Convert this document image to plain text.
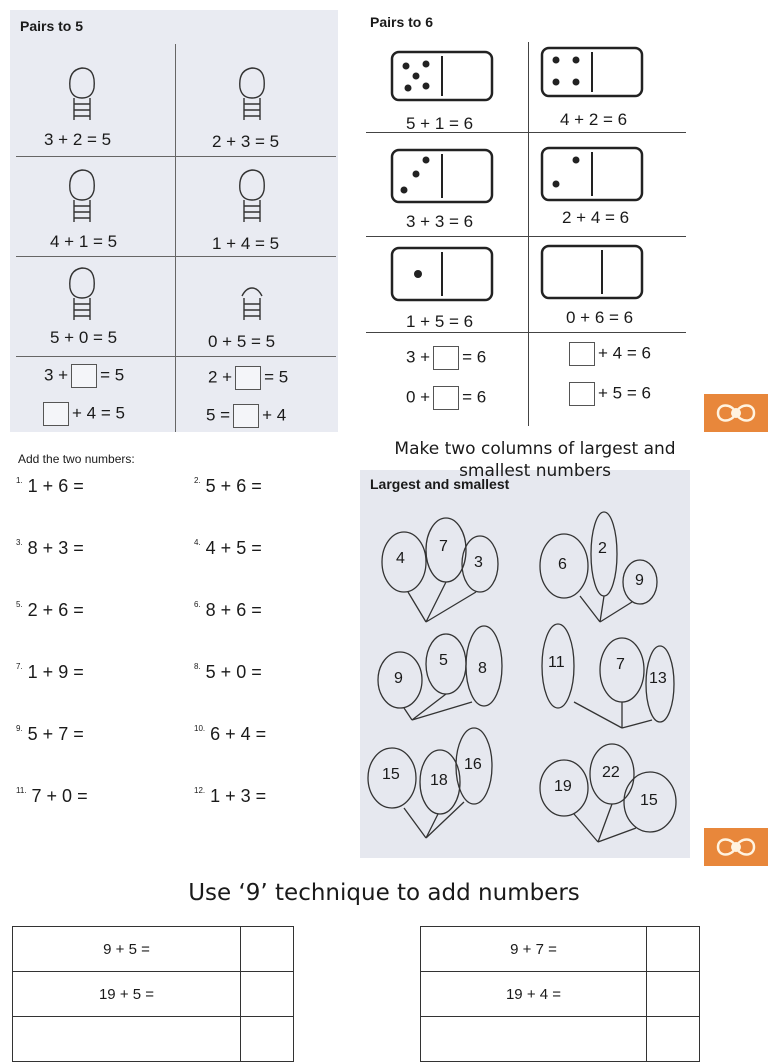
Pairs to 5
3 + 2 = 5	2 + 3 = 5
4 + 1 = 5	1 + 4 = 5
5 + 0 = 5	0 + 5 = 5
3 + = 5	2 + = 5
+ 4 = 5	5 = + 4
Pairs to 6
5 + 1 = 6	4 + 2 = 6
3 + 3 = 6	2 + 4 = 6
1 + 5 = 6	0 + 6 = 6
3 + = 6	+ 4 = 6
0 + = 6	+ 5 = 6
Add the two numbers:
$^{1.}$ 1 + 6 =	$^{2.}$ 5 + 6 =
$^{3.}$ 8 + 3 =	$^{4.}$ 4 + 5 =
$^{5.}$ 2 + 6 =	$^{6.}$ 8 + 6 =
$^{7.}$ 1 + 9 =	$^{8.}$ 5 + 0 =
$^{9.}$ 5 + 7 =	$^{10.}$ 6 + 4 =
$^{11.}$ 7 + 0 =	$^{12.}$ 1 + 3 =
Largest and smallest
4
7
3	6
2
9
9
5 8	11	7
13
15 18
16
19
22
15
Make two columns of largest and smallest numbers
Use ‘9’ technique to add numbers
9 + 5 =	
19 + 5 =	

9 + 7 =	
19 + 4 =	
